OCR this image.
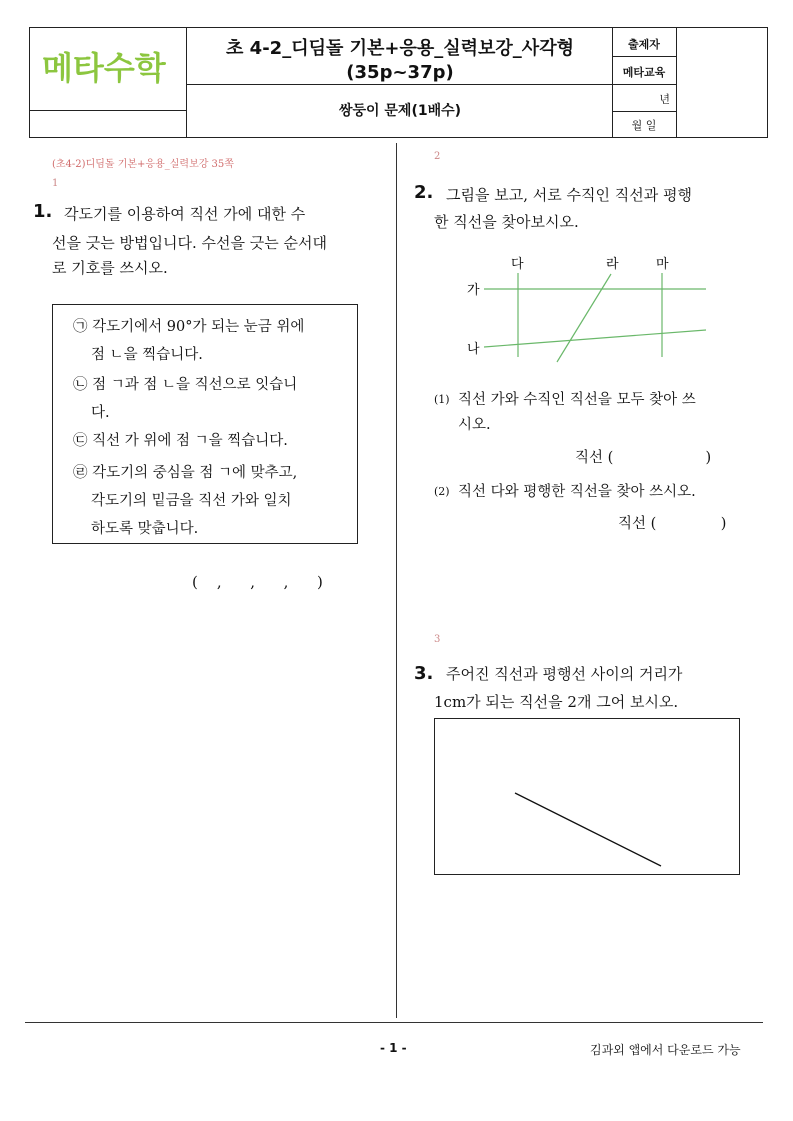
메타수학
초 4-2_디딤돌 기본+응용_실력보강_사각형
(35p~37p)
쌍둥이 문제(1배수)
출제자
메타교육
년
월 일
(초4-2)디딤돌 기본+응용_실력보강 35쪽
1
1. 각도기를 이용하여 직선 가에 대한 수
선을 긋는 방법입니다. 수선을 긋는 순서대
로 기호를 쓰시오.
㉠ 각도기에서 90°가 되는 눈금 위에
점 ㄴ을 찍습니다.
㉡ 점 ㄱ과 점 ㄴ을 직선으로 잇습니
다.
㉢ 직선 가 위에 점 ㄱ을 찍습니다.
㉣ 각도기의 중심을 점 ㄱ에 맞추고,
각도기의 밑금을 직선 가와 일치
하도록 맞춥니다.
(    ,      ,      ,      )
2
2. 그림을 보고, 서로 수직인 직선과 평행
한 직선을 찾아보시오.
가
나
다	라	마
(1) 직선 가와 수직인 직선을 모두 찾아 쓰
시오.
직선 (                    )
(2) 직선 다와 평행한 직선을 찾아 쓰시오.
직선 (              )
3
3. 주어진 직선과 평행선 사이의 거리가
1cm가 되는 직선을 2개 그어 보시오.
- 1 -	김과외 앱에서 다운로드 가능
